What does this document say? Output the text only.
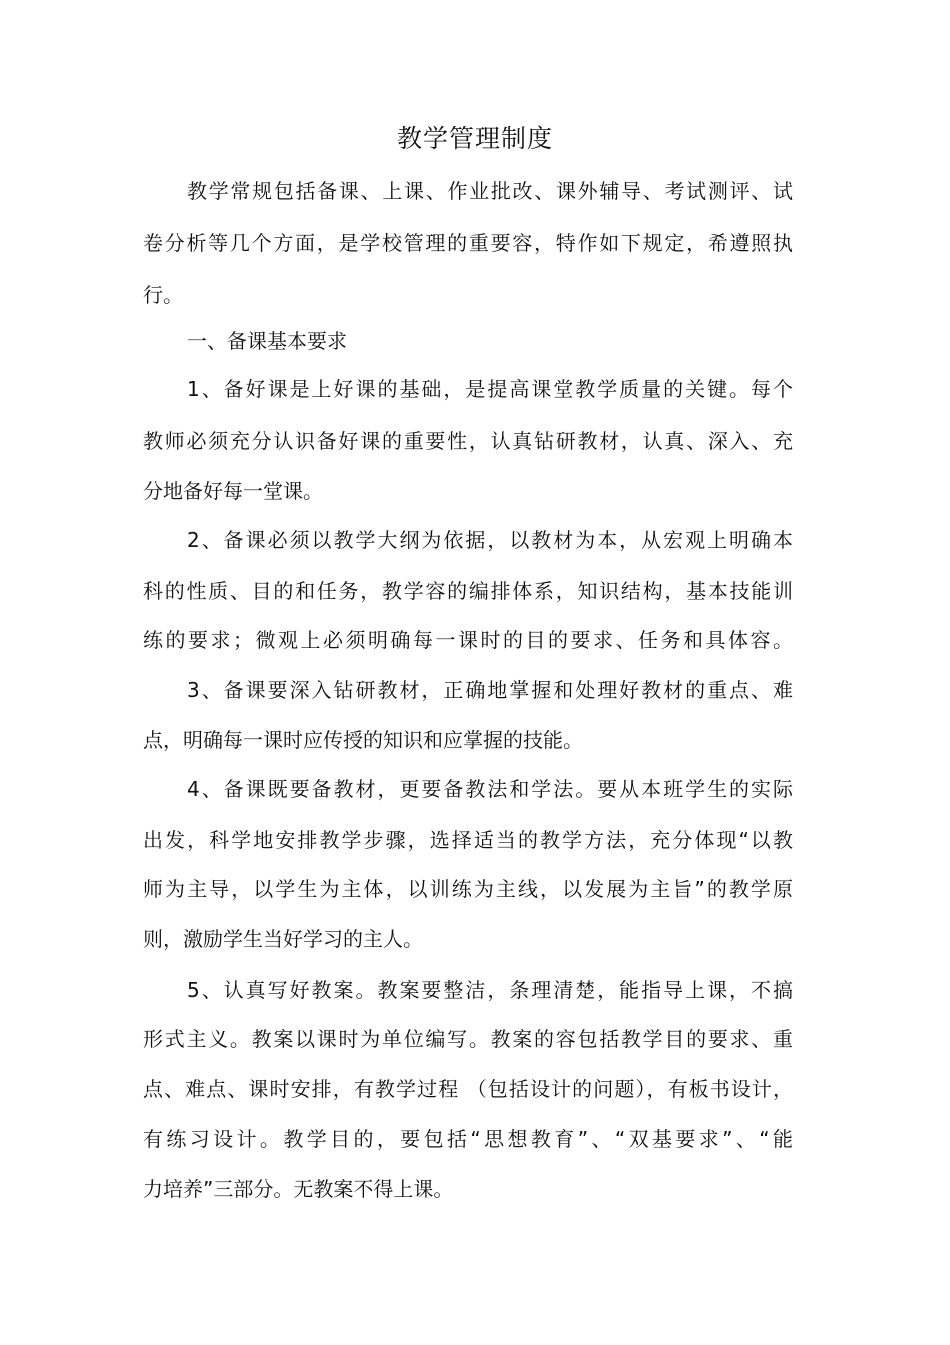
教学管理制度
教学常规包括备课、上课、作业批改、课外辅导、考试测评、试
卷分析等几个方面，是学校管理的重要容，特作如下规定，希遵照执
行。
一、备课基本要求
1、备好课是上好课的基础，是提高课堂教学质量的关键。每个
教师必须充分认识备好课的重要性，认真钻研教材，认真、深入、充
分地备好每一堂课。
2、备课必须以教学大纲为依据，以教材为本，从宏观上明确本
科的性质、目的和任务，教学容的编排体系，知识结构，基本技能训
练的要求；微观上必须明确每一课时的目的要求、任务和具体容。
3、备课要深入钻研教材，正确地掌握和处理好教材的重点、难
点，明确每一课时应传授的知识和应掌握的技能。
4、备课既要备教材，更要备教法和学法。要从本班学生的实际
出发，科学地安排教学步骤，选择适当的教学方法，充分体现“以教
师为主导，以学生为主体，以训练为主线，以发展为主旨”的教学原
则，激励学生当好学习的主人。
5、认真写好教案。教案要整洁，条理清楚，能指导上课，不搞
形式主义。教案以课时为单位编写。教案的容包括教学目的要求、重
点、难点、课时安排，有教学过程 （包括设计的问题），有板书设计，
有练习设计。教学目的，要包括“思想教育”、“双基要求”、“能
力培养”三部分。无教案不得上课。
